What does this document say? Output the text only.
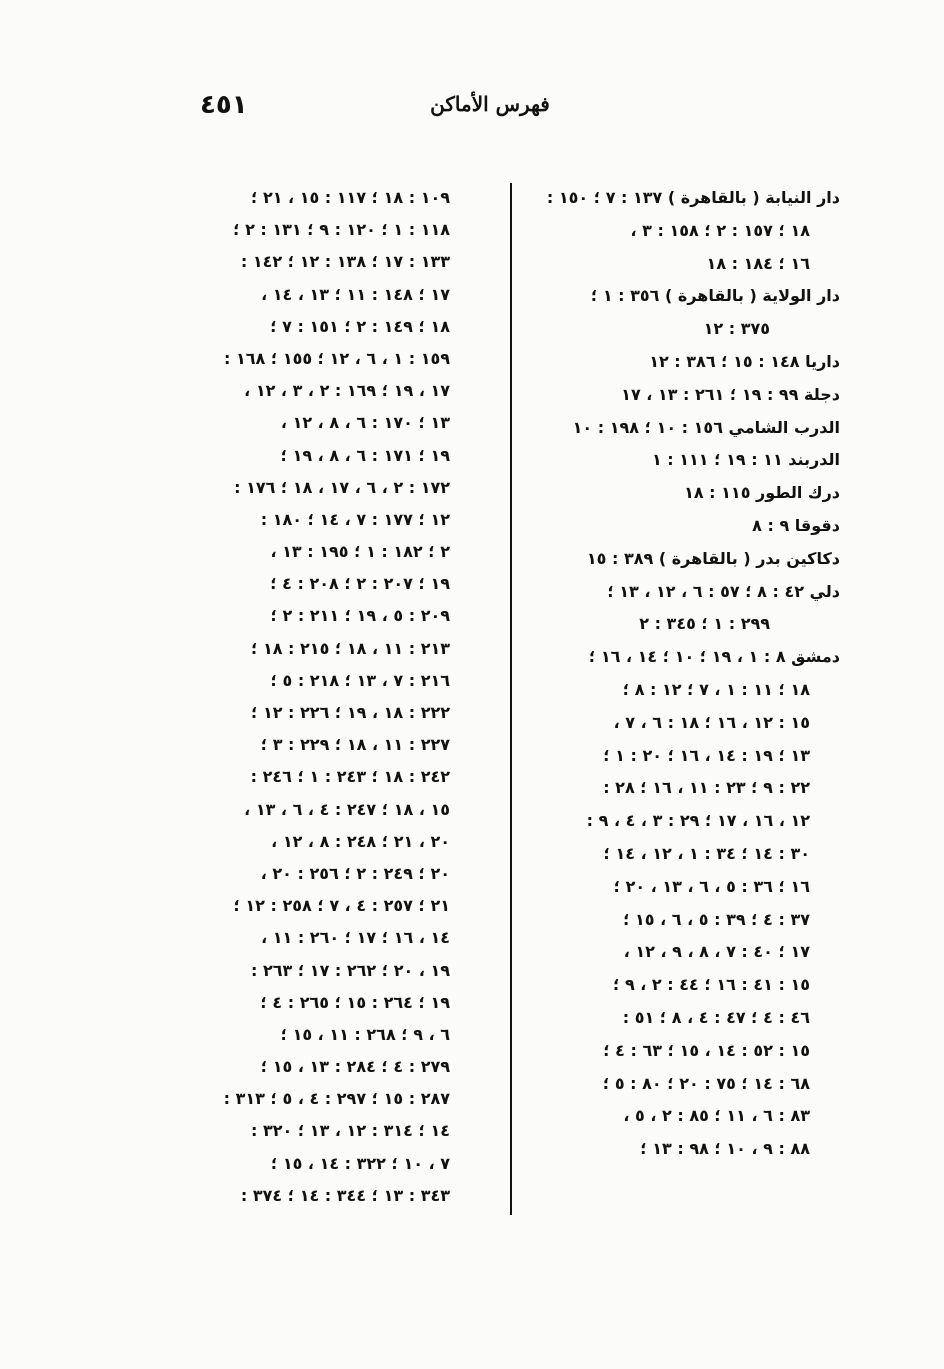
فهرس الأماكن
٤٥١
دار النيابة ( بالقاهرة ) ١٣٧ : ٧ ؛ ١٥٠ :
١٨ ؛ ١٥٧ : ٢ ؛ ١٥٨ : ٣ ،
١٦ ؛ ١٨٤ : ١٨
دار الولاية ( بالقاهرة ) ٣٥٦ : ١ ؛
٣٧٥ : ١٢
داريا ١٤٨ : ١٥ ؛ ٣٨٦ : ١٢
دجلة ٩٩ : ١٩ ؛ ٢٦١ : ١٣ ، ١٧
الدرب الشامي ١٥٦ : ١٠ ؛ ١٩٨ : ١٠
الدربند ١١ : ١٩ ؛ ١١١ : ١
درك الطور ١١٥ : ١٨
دقوقا ٩ : ٨
دكاكين بدر ( بالقاهرة ) ٣٨٩ : ١٥
دلي ٤٢ : ٨ ؛ ٥٧ : ٦ ، ١٢ ، ١٣ ؛
٢٩٩ : ١ ؛ ٣٤٥ : ٢
دمشق ٨ : ١ ، ١٩ ؛ ١٠ ؛ ١٤ ، ١٦ ؛
١٨ ؛ ١١ : ١ ، ٧ ؛ ١٢ : ٨ ؛
١٥ : ١٢ ، ١٦ ؛ ١٨ : ٦ ، ٧ ،
١٣ ؛ ١٩ : ١٤ ، ١٦ ؛ ٢٠ : ١ ؛
٢٢ : ٩ ؛ ٢٣ : ١١ ، ١٦ ؛ ٢٨ :
١٢ ، ١٦ ، ١٧ ؛ ٢٩ : ٣ ، ٤ ، ٩ :
٣٠ : ١٤ ؛ ٣٤ : ١ ، ١٢ ، ١٤ ؛
١٦ ؛ ٣٦ : ٥ ، ٦ ، ١٣ ، ٢٠ ؛
٣٧ : ٤ ؛ ٣٩ : ٥ ، ٦ ، ١٥ ؛
١٧ ؛ ٤٠ : ٧ ، ٨ ، ٩ ، ١٢ ،
١٥ : ٤١ : ١٦ ؛ ٤٤ : ٢ ، ٩ ؛
٤٦ : ٤ ؛ ٤٧ : ٤ ، ٨ ؛ ٥١ :
١٥ : ٥٢ : ١٤ ، ١٥ ؛ ٦٣ : ٤ ؛
٦٨ : ١٤ ؛ ٧٥ : ٢٠ ؛ ٨٠ : ٥ ؛
٨٣ : ٦ ، ١١ ؛ ٨٥ : ٢ ، ٥ ،
٨٨ : ٩ ، ١٠ ؛ ٩٨ : ١٣ ؛
١٠٩ : ١٨ ؛ ١١٧ : ١٥ ، ٢١ ؛
١١٨ : ١ ؛ ١٢٠ : ٩ ؛ ١٣١ : ٢ ؛
١٣٣ : ١٧ ؛ ١٣٨ : ١٢ ؛ ١٤٢ :
١٧ ؛ ١٤٨ : ١١ ؛ ١٣ ، ١٤ ،
١٨ ؛ ١٤٩ : ٢ ؛ ١٥١ : ٧ ؛
١٥٩ : ١ ، ٦ ، ١٢ ؛ ١٥٥ ؛ ١٦٨ :
١٧ ، ١٩ ؛ ١٦٩ : ٢ ، ٣ ، ١٢ ،
١٣ ؛ ١٧٠ : ٦ ، ٨ ، ١٢ ،
١٩ ؛ ١٧١ : ٦ ، ٨ ، ١٩ ؛
١٧٢ : ٢ ، ٦ ، ١٧ ، ١٨ ؛ ١٧٦ :
١٢ ؛ ١٧٧ : ٧ ، ١٤ ؛ ١٨٠ :
٢ ؛ ١٨٢ : ١ ؛ ١٩٥ : ١٣ ،
١٩ ؛ ٢٠٧ : ٢ ؛ ٢٠٨ : ٤ ؛
٢٠٩ : ٥ ، ١٩ ؛ ٢١١ : ٢ ؛
٢١٣ : ١١ ، ١٨ ؛ ٢١٥ : ١٨ ؛
٢١٦ : ٧ ، ١٣ ؛ ٢١٨ : ٥ ؛
٢٢٢ : ١٨ ، ١٩ ؛ ٢٢٦ : ١٢ ؛
٢٢٧ : ١١ ، ١٨ ؛ ٢٢٩ : ٣ ؛
٢٤٢ : ١٨ ؛ ٢٤٣ : ١ ؛ ٢٤٦ :
١٥ ، ١٨ ؛ ٢٤٧ : ٤ ، ٦ ، ١٣ ،
٢٠ ، ٢١ ؛ ٢٤٨ : ٨ ، ١٢ ،
٢٠ ؛ ٢٤٩ : ٢ ؛ ٢٥٦ : ٢٠ ،
٢١ ؛ ٢٥٧ : ٤ ، ٧ ؛ ٢٥٨ : ١٢ ؛
١٤ ، ١٦ ؛ ١٧ ؛ ٢٦٠ : ١١ ،
١٩ ، ٢٠ ؛ ٢٦٢ : ١٧ ؛ ٢٦٣ :
١٩ ؛ ٢٦٤ : ١٥ ؛ ٢٦٥ : ٤ ؛
٦ ، ٩ ؛ ٢٦٨ : ١١ ، ١٥ ؛
٢٧٩ : ٤ ؛ ٢٨٤ : ١٣ ، ١٥ ؛
٢٨٧ : ١٥ ؛ ٢٩٧ : ٤ ، ٥ ؛ ٣١٣ :
١٤ ؛ ٣١٤ : ١٢ ، ١٣ ؛ ٣٢٠ :
٧ ، ١٠ ؛ ٣٢٢ : ١٤ ، ١٥ ؛
٣٤٣ : ١٣ ؛ ٣٤٤ : ١٤ ؛ ٣٧٤ :
